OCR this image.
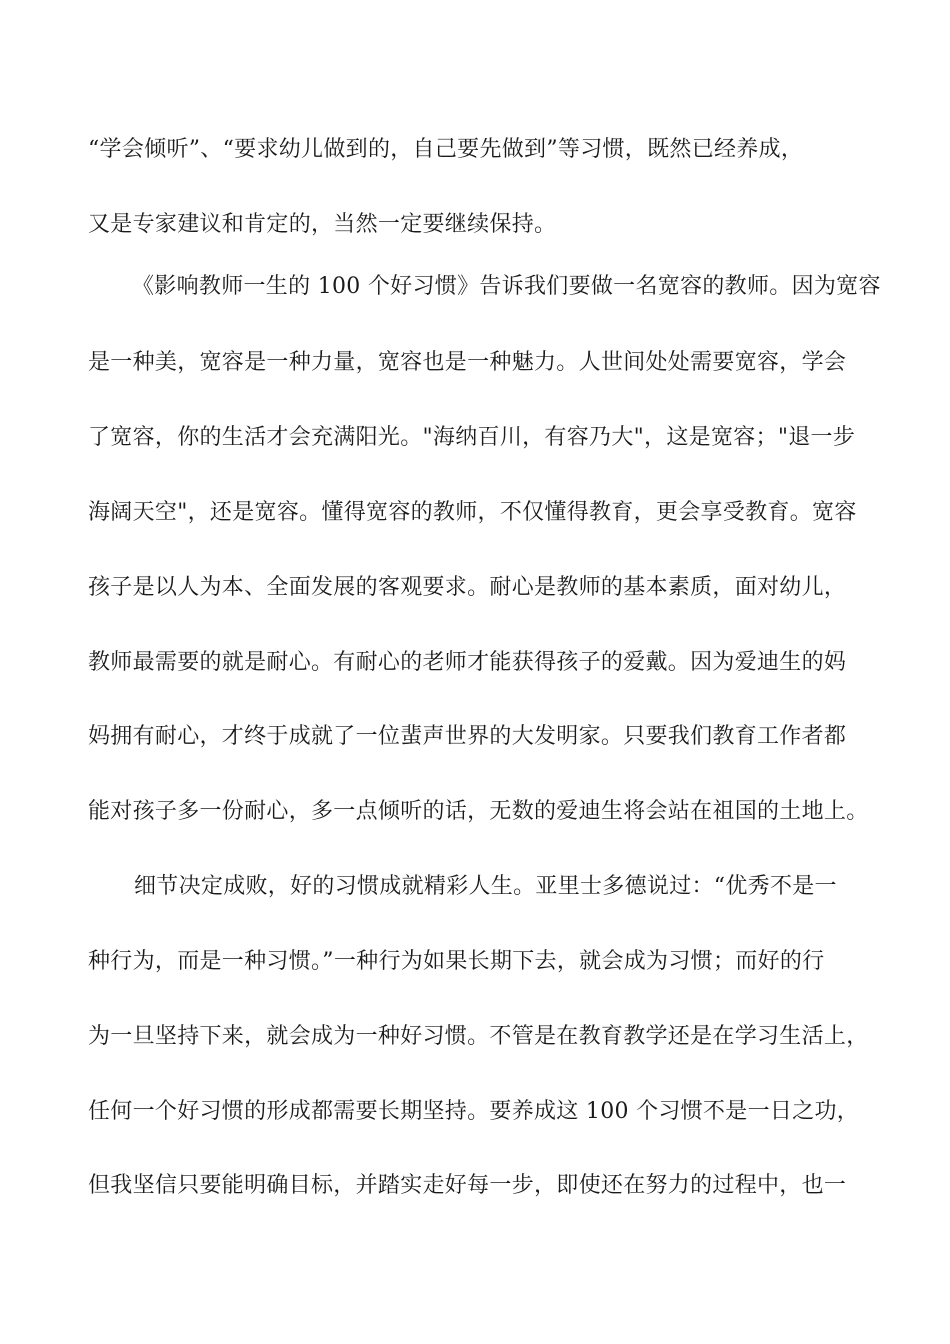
“学会倾听”、“要求幼儿做到的，自己要先做到”等习惯，既然已经养成，
又是专家建议和肯定的，当然一定要继续保持。
《影响教师一生的 100 个好习惯》告诉我们要做一名宽容的教师。因为宽容
是一种美，宽容是一种力量，宽容也是一种魅力。人世间处处需要宽容，学会
了宽容，你的生活才会充满阳光。"海纳百川，有容乃大"，这是宽容；"退一步
海阔天空"，还是宽容。懂得宽容的教师，不仅懂得教育，更会享受教育。宽容
孩子是以人为本、全面发展的客观要求。耐心是教师的基本素质，面对幼儿，
教师最需要的就是耐心。有耐心的老师才能获得孩子的爱戴。因为爱迪生的妈
妈拥有耐心，才终于成就了一位蜚声世界的大发明家。只要我们教育工作者都
能对孩子多一份耐心，多一点倾听的话，无数的爱迪生将会站在祖国的土地上。
细节决定成败，好的习惯成就精彩人生。亚里士多德说过：“优秀不是一
种行为，而是一种习惯。”一种行为如果长期下去，就会成为习惯；而好的行
为一旦坚持下来，就会成为一种好习惯。不管是在教育教学还是在学习生活上，
任何一个好习惯的形成都需要长期坚持。要养成这 100 个习惯不是一日之功，
但我坚信只要能明确目标，并踏实走好每一步，即使还在努力的过程中，也一
